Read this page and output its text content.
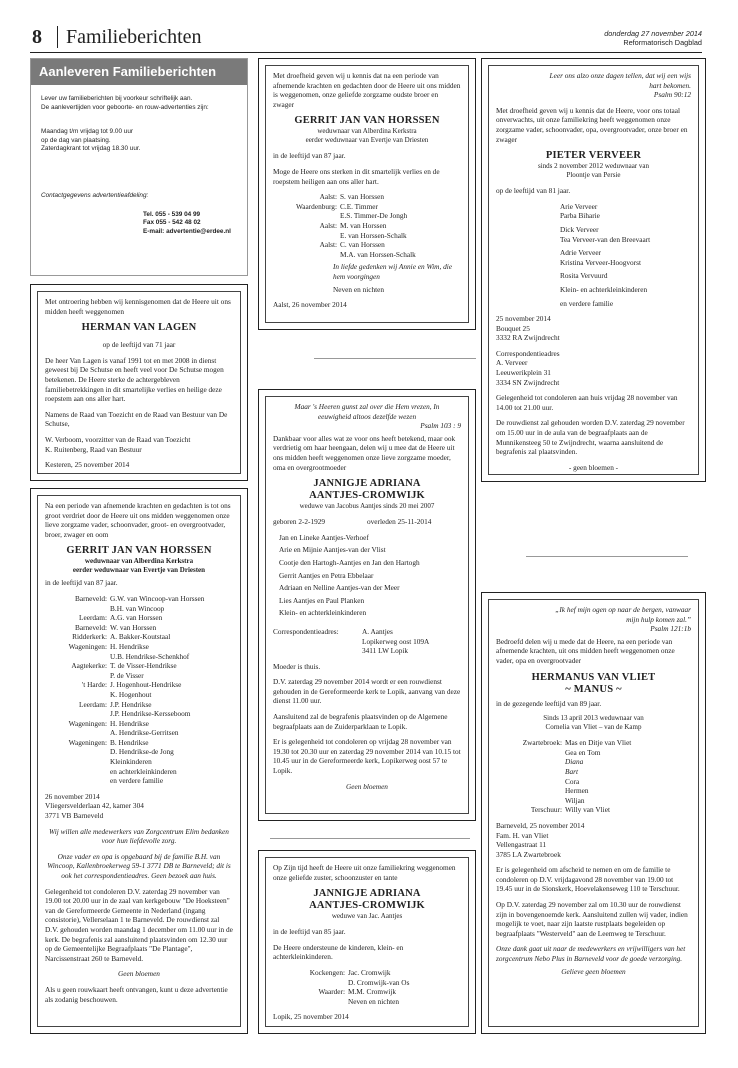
8 Familieberichten	donderdag 27 november 2014
Reformatorisch Dagblad
Aanleveren Familieberichten
Lever uw familieberichten bij voorkeur schriftelijk aan.
De aanlevertijden voor geboorte- en rouw-advertenties zijn:
Maandag t/m vrijdag tot 9.00 uur
op de dag van plaatsing.
Zaterdagkrant tot vrijdag 18.30 uur.
Contactgegevens advertentieafdeling:
Tel. 055 - 539 04 99
Fax 055 - 542 48 02
E-mail: advertentie@erdee.nl
Met ontroering hebben wij kennisgenomen dat de Heere uit ons midden heeft weggenomen
HERMAN VAN LAGEN
op de leeftijd van 71 jaar
De heer Van Lagen is vanaf 1991 tot en met 2008 in dienst geweest bij De Schutse en heeft veel voor De Schutse mogen betekenen. De Heere sterke de achtergebleven familiebetrekkingen in dit smartelijke verlies en heilige deze roepstem aan ons aller hart.
Namens de Raad van Toezicht en de Raad van Bestuur van De Schutse,
W. Verboom, voorzitter van de Raad van Toezicht
K. Ruitenberg, Raad van Bestuur
Kesteren, 25 november 2014
Na een periode van afnemende krachten en gedachten is tot ons groot verdriet door de Heere uit ons midden weggenomen onze lieve zorgzame vader, schoonvader, groot- en overgrootvader, broer, zwager en oom
GERRIT JAN VAN HORSSEN
weduwnaar van Alberdina Kerkstra
eerder weduwnaar van Evertje van Driesten
in de leeftijd van 87 jaar.
Barneveld: G.W. van Wincoop-van Horssen
B.H. van Wincoop
Leerdam: A.G. van Horssen
Barneveld: W. van Horssen
Ridderkerk: A. Bakker-Koutstaal
Wageningen: H. Hendrikse
U.B. Hendrikse-Schenkhof
Aagtekerke: T. de Visser-Hendrikse
P. de Visser
't Harde: J. Hogenhout-Hendrikse
K. Hogenhout
Leerdam: J.P. Hendrikse
J.P. Hendrikse-Kersseboom
Wageningen: H. Hendrikse
A. Hendrikse-Gerritsen
Wageningen: B. Hendrikse
D. Hendrikse-de Jong
Kleinkinderen
en achterkleinkinderen
en verdere familie
26 november 2014
Vliegersvelderlaan 42, kamer 304
3771 VB Barneveld
Wij willen alle medewerkers van Zorgcentrum Elim bedanken voor hun liefdevolle zorg.
Onze vader en opa is opgebaard bij de familie B.H. van Wincoop, Kallenbroekerweg 59-1 3771 DB te Barneveld; dit is ook het correspondentieadres. Geen bezoek aan huis.
Gelegenheid tot condoleren D.V. zaterdag 29 november van 19.00 tot 20.00 uur in de zaal van kerkgebouw "De Hoeksteen" van de Gereformeerde Gemeente in Nederland (ingang consistorie), Vellerselaan 1 te Barneveld. De rouwdienst zal D.V. gehouden worden maandag 1 december om 11.00 uur in de kerk. De begrafenis zal aansluitend plaatsvinden om 12.30 uur op de Gemeentelijke Begraafplaats "De Plantage", Narcissenstraat 260 te Barneveld.
Geen bloemen
Als u geen rouwkaart heeft ontvangen, kunt u deze advertentie als zodanig beschouwen.
Met droefheid geven wij u kennis dat na een periode van afnemende krachten en gedachten door de Heere uit ons midden is weggenomen, onze geliefde zorgzame oudste broer en zwager
GERRIT JAN VAN HORSSEN
weduwnaar van Alberdina Kerkstra
eerder weduwnaar van Evertje van Driesten
in de leeftijd van 87 jaar.
Moge de Heere ons sterken in dit smartelijk verlies en de roepstem heiligen aan ons aller hart.
Aalst: S. van Horssen
Waardenburg: C.E. Timmer
E.S. Timmer-De Jongh
Aalst: M. van Horssen
E. van Horssen-Schalk
Aalst: C. van Horssen
M.A. van Horssen-Schalk
In liefde gedenken wij Annie en Wim, die hem voorgingen
Neven en nichten
Aalst, 26 november 2014
Maar 's Heeren gunst zal over die Hem vrezen, In eeuwigheid altoos dezelfde wezen
Psalm 103 : 9
Dankbaar voor alles wat ze voor ons heeft betekend, maar ook verdrietig om haar heengaan, delen wij u mee dat de Heere uit ons midden heeft weggenomen onze lieve zorgzame moeder, oma en overgrootmoeder
JANNIGJE ADRIANA
AANTJES-CROMWIJK
weduwe van Jacobus Aantjes sinds 20 mei 2007
geboren 2-2-1929	overleden 25-11-2014
Jan en Lineke Aantjes-Verhoef
Arie en Mijnie Aantjes-van der Vlist
Cootje den Hartogh-Aantjes en Jan den Hartogh
Gerrit Aantjes en Petra Ebbelaar
Adriaan en Nelline Aantjes-van der Meer
Lies Aantjes en Paul Planken
Klein- en achterkleinkinderen
Correspondentieadres:	A. Aantjes
Lopikerweg oost 109A
3411 LW Lopik
Moeder is thuis.
D.V. zaterdag 29 november 2014 wordt er een rouwdienst gehouden in de Gereformeerde kerk te Lopik, aanvang van deze dienst 11.00 uur.
Aansluitend zal de begrafenis plaatsvinden op de Algemene begraafplaats aan de Zuiderparklaan te Lopik.
Er is gelegenheid tot condoleren op vrijdag 28 november van 19.30 tot 20.30 uur en zaterdag 29 november 2014 van 10.15 tot 10.45 uur in de Gereformeerde kerk, Lopikerweg oost 57 te Lopik.
Geen bloemen
Op Zijn tijd heeft de Heere uit onze familiekring weggenomen onze geliefde zuster, schoonzuster en tante
JANNIGJE ADRIANA
AANTJES-CROMWIJK
weduwe van Jac. Aantjes
in de leeftijd van 85 jaar.
De Heere ondersteune de kinderen, klein- en achterkleinkinderen.
Kockengen: Jac. Cromwijk
D. Cromwijk-van Os
Waarder: M.M. Cromwijk
Neven en nichten
Lopik, 25 november 2014
Leer ons alzo onze dagen tellen, dat wij een wijs hart bekomen.
Psalm 90:12
Met droefheid geven wij u kennis dat de Heere, voor ons totaal onverwachts, uit onze familiekring heeft weggenomen onze zorgzame vader, schoonvader, opa, overgrootvader, onze broer en zwager
PIETER VERVEER
sinds 2 november 2012 weduwnaar van
Ploontje van Persie
op de leeftijd van 81 jaar.
Arie Verveer
Parba Biharie
Dick Verveer
Tea Verveer-van den Breevaart
Adrie Verveer
Kristina Verveer-Hoogvorst
Rosita Vervuurd
Klein- en achterkleinkinderen
en verdere familie
25 november 2014
Bouquet 25
3332 RA Zwijndrecht
Correspondentieadres
A. Verveer
Leeuwerikplein 31
3334 SN Zwijndrecht
Gelegenheid tot condoleren aan huis vrijdag 28 november van 14.00 tot 21.00 uur.
De rouwdienst zal gehouden worden D.V. zaterdag 29 november om 15.00 uur in de aula van de begraafplaats aan de Munnikensteeg 50 te Zwijndrecht, waarna aansluitend de begrafenis zal plaatsvinden.
- geen bloemen -
„Ik hef mijn ogen op naar de bergen, vanwaar mijn hulp komen zal.”
Psalm 121:1b
Bedroefd delen wij u mede dat de Heere, na een periode van afnemende krachten, uit ons midden heeft weggenomen onze vader, opa en overgrootvader
HERMANUS VAN VLIET
~ MANUS ~
in de gezegende leeftijd van 89 jaar.
Sinds 13 april 2013 weduwnaar van
Cornelia van Vliet – van de Kamp
Zwartebroek: Mas en Ditje van Vliet
Gea en Tom
Diana
Bart
Cora
Hermen
Wiljan
Terschuur: Willy van Vliet
Barneveld, 25 november 2014
Fam. H. van Vliet
Vellengastraat 11
3785 LA Zwartebroek
Er is gelegenheid om afscheid te nemen en om de familie te condoleren op D.V. vrijdagavond 28 november van 19.00 tot 19.45 uur in de Sionskerk, Hoevelakenseweg 110 te Terschuur.
Op D.V. zaterdag 29 november zal om 10.30 uur de rouwdienst zijn in bovengenoemde kerk. Aansluitend zullen wij vader, indien mogelijk te voet, naar zijn laatste rustplaats begeleiden op begraafplaats "Westerveld" aan de Leemweg te Terschuur.
Onze dank gaat uit naar de medewerkers en vrijwilligers van het zorgcentrum Nebo Plus in Barneveld voor de goede verzorging.
Gelieve geen bloemen
